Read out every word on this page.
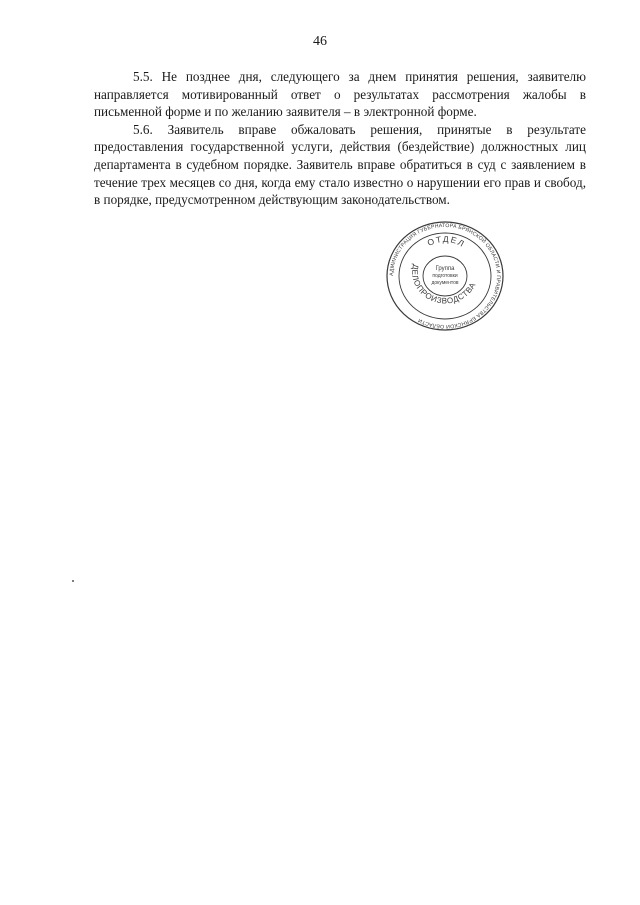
46

5.5. Не позднее дня, следующего за днем принятия решения, заявителю направляется мотивированный ответ о результатах рассмотрения жалобы в письменной форме и по желанию заявителя – в электронной форме.

5.6. Заявитель вправе обжаловать решения, принятые в результате предоставления государственной услуги, действия (бездействие) должностных лиц департамента в судебном порядке. Заявитель вправе обратиться в суд с заявлением в течение трех месяцев со дня, когда ему стало известно о нарушении его прав и свобод, в порядке, предусмотренном действующим законодательством.

АДМИНИСТРАЦИЯ ГУБЕРНАТОРА БРЯНСКОЙ ОБЛАСТИ И ПРАВИТЕЛЬСТВА БРЯНСКОЙ ОБЛАСТИ
ОТДЕЛ
ДЕЛОПРОИЗВОДСТВА
Группа
подготовки
документов
